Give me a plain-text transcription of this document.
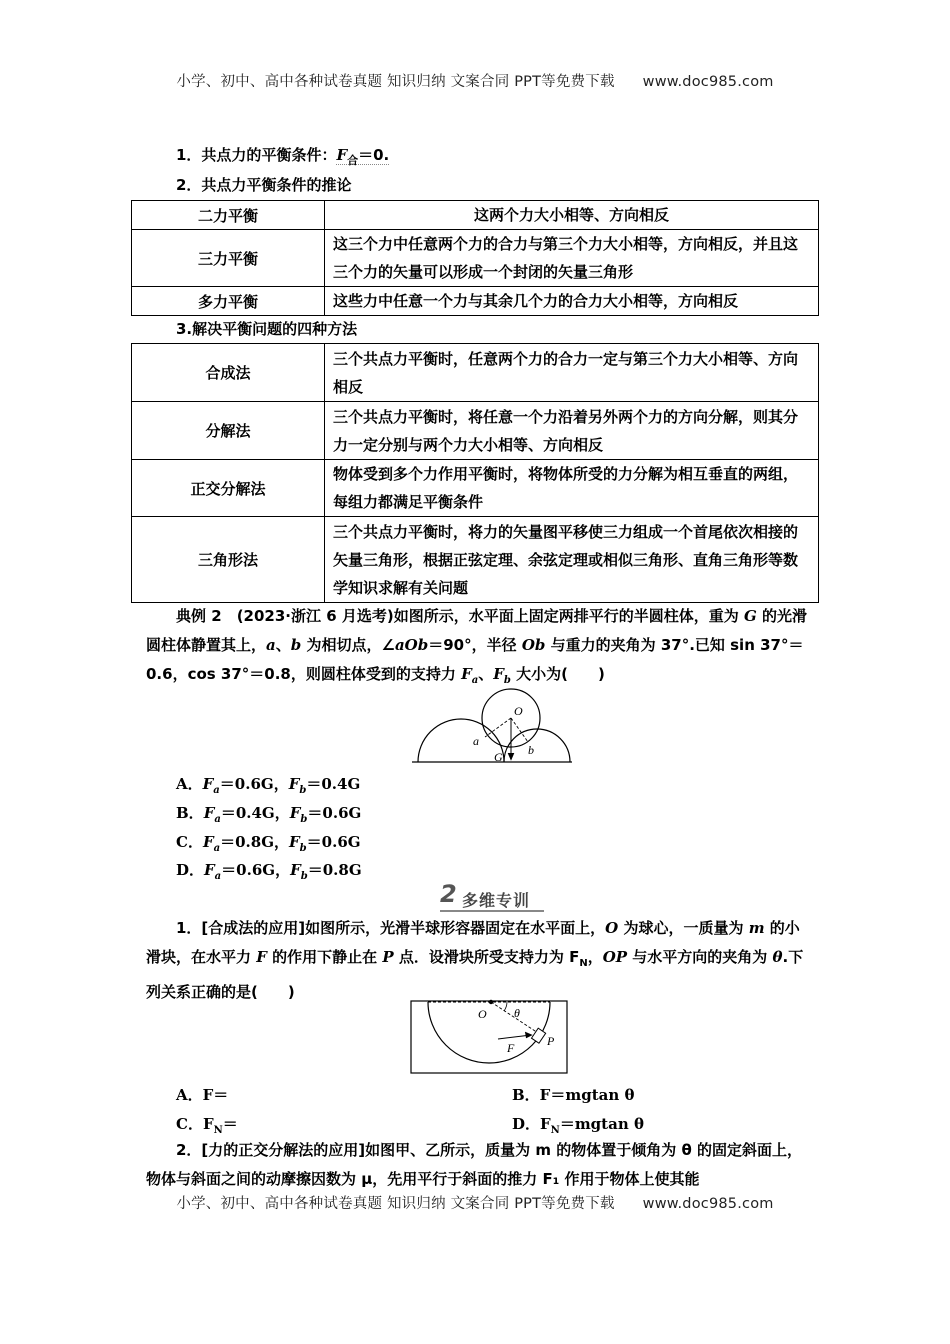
小学、初中、高中各种试卷真题 知识归纳 文案合同 PPT等免费下载 www.doc985.com
1．共点力的平衡条件：$F_合=0$.
2．共点力平衡条件的推论
二力平衡	这两个力大小相等、方向相反
三力平衡	这三个力中任意两个力的合力与第三个力大小相等，方向相反，并且这三个力的矢量可以形成一个封闭的矢量三角形
多力平衡	这些力中任意一个力与其余几个力的合力大小相等，方向相反
3.解决平衡问题的四种方法
合成法	三个共点力平衡时，任意两个力的合力一定与第三个力大小相等、方向相反
分解法	三个共点力平衡时，将任意一个力沿着另外两个力的方向分解，则其分力一定分别与两个力大小相等、方向相反
正交分解法	物体受到多个力作用平衡时，将物体所受的力分解为相互垂直的两组，每组力都满足平衡条件
三角形法	三个共点力平衡时，将力的矢量图平移使三力组成一个首尾依次相接的矢量三角形，根据正弦定理、余弦定理或相似三角形、直角三角形等数学知识求解有关问题
典例 2　 (2023·浙江 6 月选考)如图所示，水平面上固定两排平行的半圆柱体，重为 G 的光滑圆柱体静置其上，a、b 为相切点，∠aOb＝90°，半径 Ob 与重力的夹角为 37°.已知 sin 37°＝0.6，cos 37°＝0.8，则圆柱体受到的支持力 $F_a$、$F_b$ 大小为(　　)
O
a
b
G
A．$F_a=0.6G$，$F_b=0.4G$
B．$F_a=0.4G$，$F_b=0.6G$
C．$F_a=0.8G$，$F_b=0.6G$
D．$F_a=0.6G$，$F_b=0.8G$
2 多维专训
1．[合成法的应用]如图所示，光滑半球形容器固定在水平面上，O 为球心，一质量为 m 的小滑块，在水平力 F 的作用下静止在 P 点．设滑块所受支持力为 $F_N$，OP 与水平方向的夹角为 θ.下列关系正确的是(　　)
O θ
F	P
A．F＝	B．F＝mgtan θ
C．$F_N=$	D．$F_N=mgtan$ θ
2．[力的正交分解法的应用]如图甲、乙所示，质量为 m 的物体置于倾角为 θ 的固定斜面上，物体与斜面之间的动摩擦因数为 μ，先用平行于斜面的推力 F₁ 作用于物体上使其能
小学、初中、高中各种试卷真题 知识归纳 文案合同 PPT等免费下载 www.doc985.com
